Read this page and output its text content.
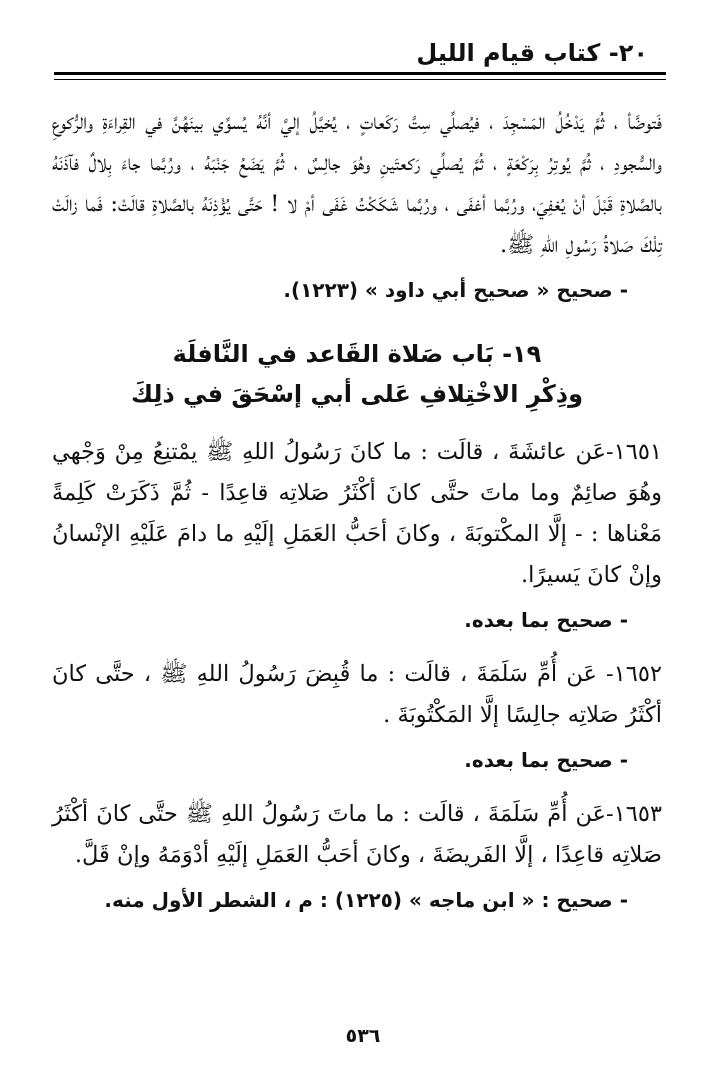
٢٠- كتاب قيام الليل

فَتوضَّأ ، ثُمَّ يَدْخُلُ المَسْجِدَ ، فيُصلِّي سِتَّ رَكَعاتٍ ، يُخيَّلُ إليَّ أنَّهُ يُسوِّي بينَهُنَّ في القِراءَةِ والرُّكوعِ والسُّجودِ ، ثُمَّ يُوتِرُ بِرَكْعَةٍ ، ثُمَّ يُصلِّي رَكعتَينِ وهُوَ جالِسٌ ، ثُمَّ يَضَعُ جَنْبَهُ ، ورُبَّما جاءَ بِلالٌ فآذَنَهُ بالصَّلاةِ قَبْلَ أنْ يُغفِيَ، ورُبَّما أغفَى ، ورُبَّما شَكَكْتُ غَفَى أمْ لا ! حَتَّى يُؤْذِنَهُ بالصَّلاةِ قالَتْ: فَما زالَتْ تِلْكَ صَلاةُ رَسُولِ اللهِ ﷺ.

- صحيح « صحيح أبي داود » (١٢٢٣).

١٩- بَاب صَلاة القَاعد في النَّافلَة
وذِكْرِ الاخْتِلافِ عَلى أبي إسْحَقَ في ذلِكَ

١٦٥١-عَن عائشَةَ ، قالَت : ما كانَ رَسُولُ اللهِ ﷺ يمْتنِعُ مِنْ وَجْهي وهُوَ صائِمٌ وما ماتَ حتَّى كانَ أكْثَرُ صَلاتِه قاعِدًا - ثُمَّ ذَكَرَتْ كَلِمةً مَعْناها : - إلَّا المكْتوبَةَ ، وكانَ أحَبُّ العَمَلِ إلَيْهِ ما دامَ عَلَيْهِ الإنْسانُ وإنْ كانَ يَسيرًا.

- صحيح بما بعده.

١٦٥٢- عَن أُمِّ سَلَمَةَ ، قالَت : ما قُبِضَ رَسُولُ اللهِ ﷺ ، حتَّى كانَ أكْثَرُ صَلاتِه جالِسًا إلَّا المَكْتُوبَةَ .

- صحيح بما بعده.

١٦٥٣-عَن أُمِّ سَلَمَةَ ، قالَت : ما ماتَ رَسُولُ اللهِ ﷺ حتَّى كانَ أكْثَرُ صَلاتِه قاعِدًا ، إلَّا الفَريضَةَ ، وكانَ أحَبُّ العَمَلِ إلَيْهِ أدْوَمَهُ وإنْ قَلَّ.

- صحيح : « ابن ماجه » (١٢٢٥) : م ، الشطر الأول منه.

٥٣٦
